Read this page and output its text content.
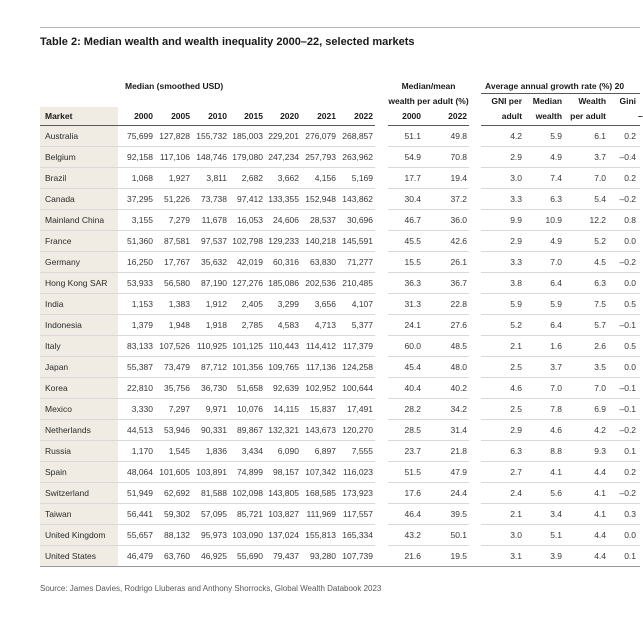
Table 2: Median wealth and wealth inequality 2000–22, selected markets
	Median (smoothed USD)								Median/mean			Average annual growth rate (%) 20				
									wealth per adult (%)			GNI per	Median	Wealth	Gini	
Market	2000	2005	2010	2015	2020	2021	2022		2000	2022		adult	wealth	per adult		–
Australia	75,699	127,828	155,732	185,003	229,201	276,079	268,857		51.1	49.8		4.2	5.9	6.1	0.2	
Belgium	92,158	117,106	148,746	179,080	247,234	257,793	263,962		54.9	70.8		2.9	4.9	3.7	–0.4	
Brazil	1,068	1,927	3,811	2,682	3,662	4,156	5,169		17.7	19.4		3.0	7.4	7.0	0.2	
Canada	37,295	51,226	73,738	97,412	133,355	152,948	143,862		30.4	37.2		3.3	6.3	5.4	–0.2	
Mainland China	3,155	7,279	11,678	16,053	24,606	28,537	30,696		46.7	36.0		9.9	10.9	12.2	0.8	
France	51,360	87,581	97,537	102,798	129,233	140,218	145,591		45.5	42.6		2.9	4.9	5.2	0.0	
Germany	16,250	17,767	35,632	42,019	60,316	63,830	71,277		15.5	26.1		3.3	7.0	4.5	–0.2	
Hong Kong SAR	53,933	56,580	87,190	127,276	185,086	202,536	210,485		36.3	36.7		3.8	6.4	6.3	0.0	
India	1,153	1,383	1,912	2,405	3,299	3,656	4,107		31.3	22.8		5.9	5.9	7.5	0.5	
Indonesia	1,379	1,948	1,918	2,785	4,583	4,713	5,377		24.1	27.6		5.2	6.4	5.7	–0.1	
Italy	83,133	107,526	110,925	101,125	110,443	114,412	117,379		60.0	48.5		2.1	1.6	2.6	0.5	
Japan	55,387	73,479	87,712	101,356	109,765	117,136	124,258		45.4	48.0		2.5	3.7	3.5	0.0	
Korea	22,810	35,756	36,730	51,658	92,639	102,952	100,644		40.4	40.2		4.6	7.0	7.0	–0.1	
Mexico	3,330	7,297	9,971	10,076	14,115	15,837	17,491		28.2	34.2		2.5	7.8	6.9	–0.1	
Netherlands	44,513	53,946	90,331	89,867	132,321	143,673	120,270		28.5	31.4		2.9	4.6	4.2	–0.2	
Russia	1,170	1,545	1,836	3,434	6,090	6,897	7,555		23.7	21.8		6.3	8.8	9.3	0.1	
Spain	48,064	101,605	103,891	74,899	98,157	107,342	116,023		51.5	47.9		2.7	4.1	4.4	0.2	
Switzerland	51,949	62,692	81,588	102,098	143,805	168,585	173,923		17.6	24.4		2.4	5.6	4.1	–0.2	
Taiwan	56,441	59,302	57,095	85,721	103,827	111,969	117,557		46.4	39.5		2.1	3.4	4.1	0.3	
United Kingdom	55,657	88,132	95,973	103,090	137,024	155,813	165,334		43.2	50.1		3.0	5.1	4.4	0.0	
United States	46,479	63,760	46,925	55,690	79,437	93,280	107,739		21.6	19.5		3.1	3.9	4.4	0.1	
Source: James Davies, Rodrigo Lluberas and Anthony Shorrocks, Global Wealth Databook 2023
